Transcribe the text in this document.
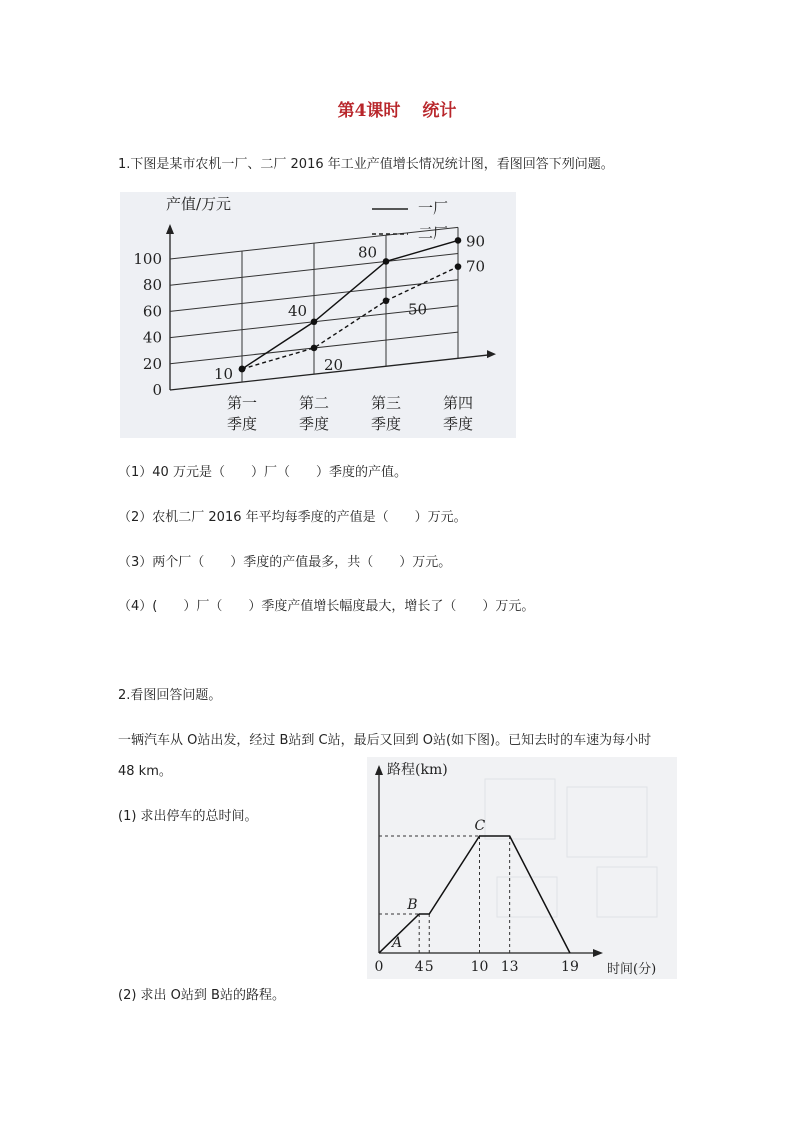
第4课时 统计
1.下图是某市农机一厂、二厂 2016 年工业产值增长情况统计图，看图回答下列问题。
0
20
40
60
80
100
第一
季度
第二
季度
第三
季度
第四
季度
10
40
80
90
20
50
70
一厂
二厂
产值/万元
（1）40 万元是（　　）厂（　　）季度的产值。
（2）农机二厂 2016 年平均每季度的产值是（　　）万元。
（3）两个厂（　　）季度的产值最多，共（　　）万元。
（4）(　　）厂（　　）季度产值增长幅度最大，增长了（　　）万元。
2.看图回答问题。
一辆汽车从 O站出发，经过 B站到 C站，最后又回到 O站(如下图)。已知去时的车速为每小时
48 km。
(1) 求出停车的总时间。
(2) 求出 O站到 B站的路程。
0 4 5	10 13	19
A
B
C
路程(km)
时间(分)
